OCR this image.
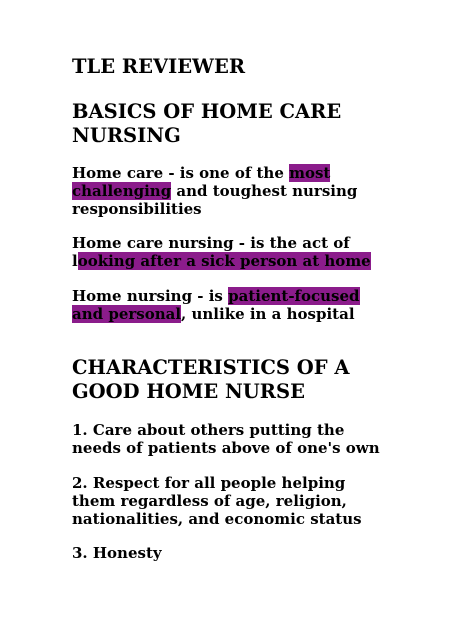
TLE REVIEWER
BASICS OF HOME CARE
NURSING
Home care - is one of the most
challenging and toughest nursing
responsibilities
Home care nursing - is the act of
looking after a sick person at home
Home nursing - is patient-focused
and personal, unlike in a hospital
CHARACTERISTICS OF A
GOOD HOME NURSE
1. Care about others putting the
needs of patients above of one's own
2. Respect for all people helping
them regardless of age, religion,
nationalities, and economic status
3. Honesty
